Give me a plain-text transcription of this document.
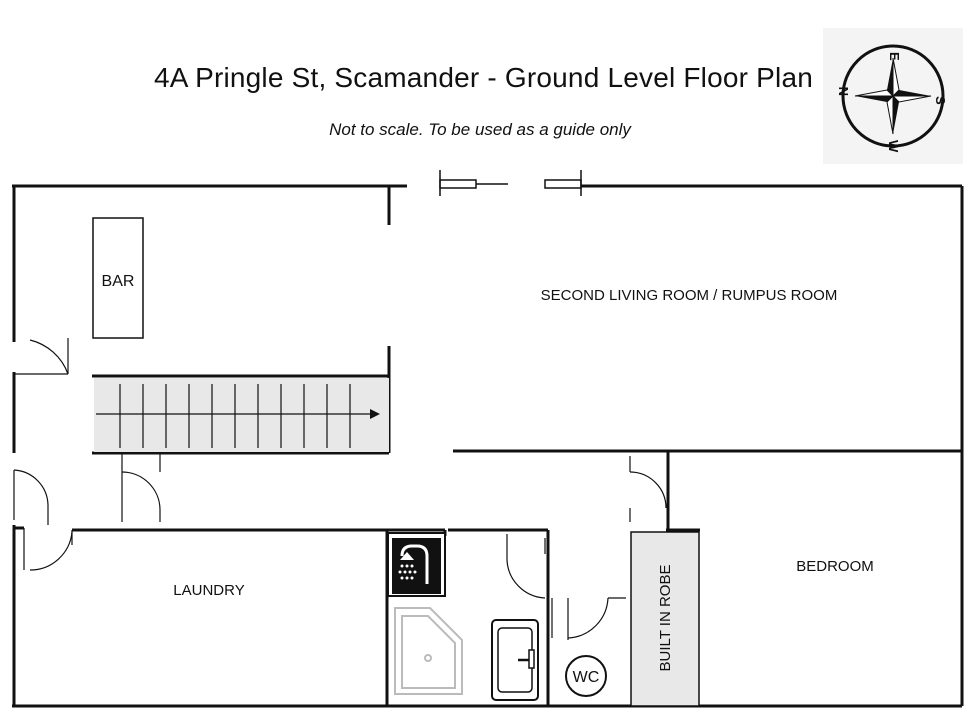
4A Pringle St, Scamander - Ground Level Floor Plan
Not to scale. To be used as a guide only
N
E
S
W
BAR
WC
BUILT IN ROBE
SECOND LIVING ROOM / RUMPUS ROOM
LAUNDRY
BEDROOM
